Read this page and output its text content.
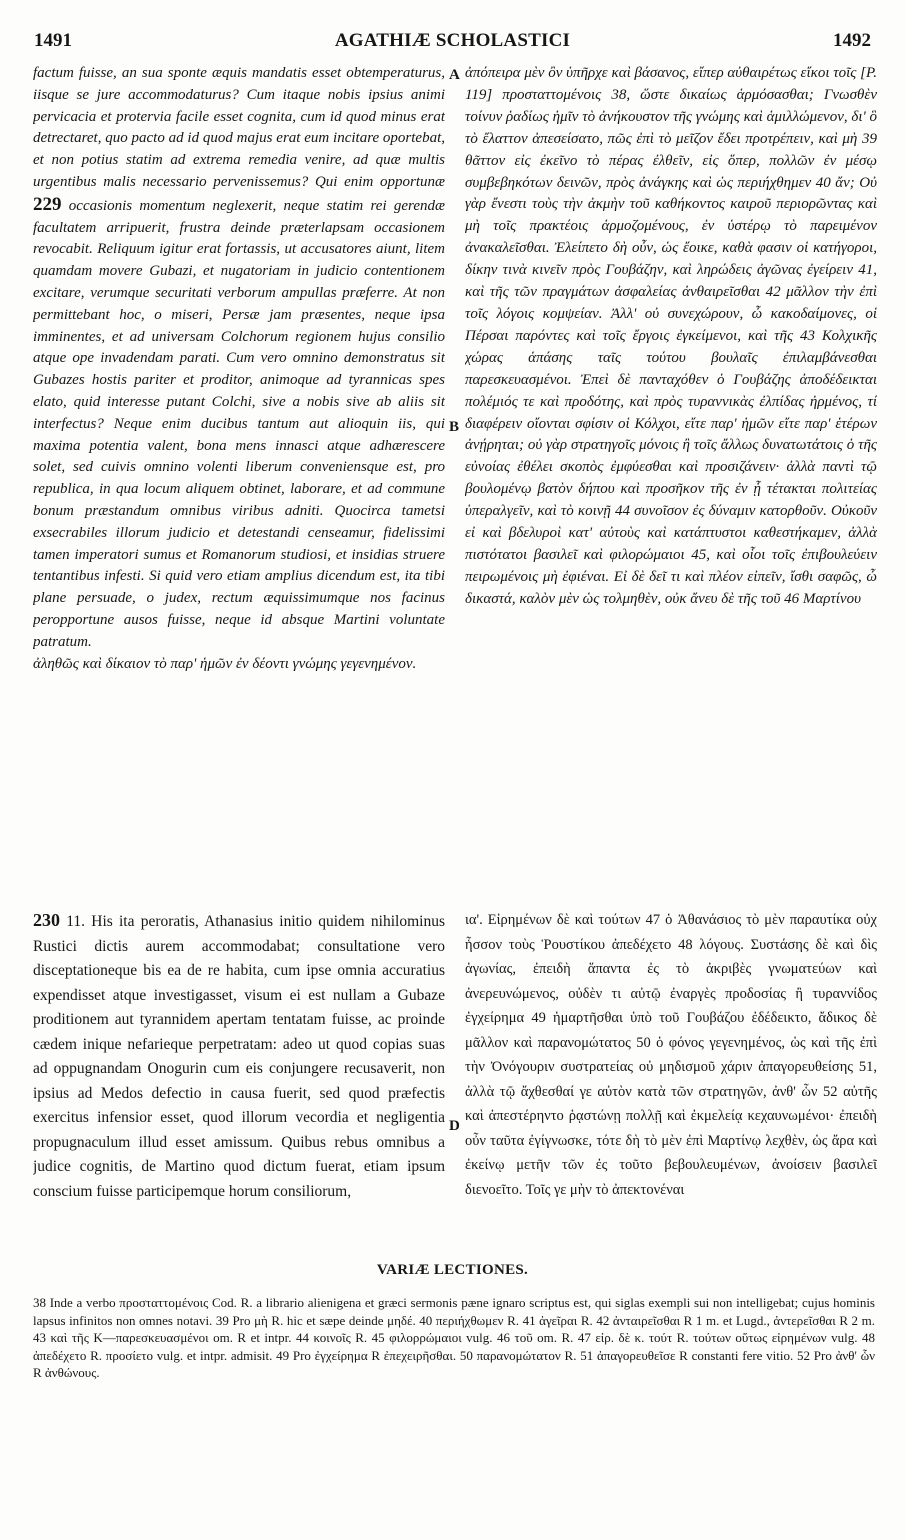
1491	AGATHIÆ SCHOLASTICI	1492

factum fuisse, an sua sponte æquis mandatis esset obtemperaturus, iisque se jure accommodaturus? Cum itaque nobis ipsius animi pervicacia et protervia facile esset cognita, cum id quod minus erat detrectaret, quo pacto ad id quod majus erat eum incitare oportebat, et non potius statim ad extrema remedia venire, ad quæ multis urgentibus malis necessario pervenissemus? Qui enim opportunæ 229 occasionis momentum neglexerit, neque statim rei gerendæ facultatem arripuerit, frustra deinde præterlapsam occasionem revocabit. Reliquum igitur erat fortassis, ut accusatores aiunt, litem quamdam movere Gubazi, et nugatoriam in judicio contentionem excitare, verumque securitati verborum ampullas præferre. At non permittebant hoc, o miseri, Persæ jam præsentes, neque ipsa imminentes, et ad universam Colchorum regionem hujus consilio atque ope invadendam parati. Cum vero omnino demonstratus sit Gubazes hostis pariter et proditor, animoque ad tyrannicas spes elato, quid interesse putant Colchi, sive a nobis sive ab aliis sit interfectus? Neque enim ducibus tantum aut alioquin iis, qui maxima potentia valent, bona mens innasci atque adhærescere solet, sed cuivis omnino volenti liberum conveniensque est, pro republica, in qua locum aliquem obtinet, laborare, et ad commune bonum præstandum omnibus viribus adniti. Quocirca tametsi exsecrabiles illorum judicio et detestandi censeamur, fidelissimi tamen imperatori sumus et Romanorum studiosi, et insidias struere tentantibus infesti. Si quid vero etiam amplius dicendum est, ita tibi plane persuade, o judex, rectum æquissimumque nos facinus peropportune ausos fuisse, neque id absque Martini voluntate patratum.

ἀληθῶς καὶ δίκαιον τὸ παρ' ἡμῶν ἐν δέοντι γνώμης γεγενημένον.

A
B
D

ἀπόπειρα μὲν ὂν ὑπῆρχε καὶ βάσανος, εἴπερ αὐθαιρέτως εἴκοι τοῖς [P. 119] προσταττομένοις 38, ὥστε δικαίως ἁρμόσασθαι; Γνωσθὲν τοίνυν ῥαδίως ἡμῖν τὸ ἀνήκουστον τῆς γνώμης καὶ ἁμιλλώμενον, δι' ὃ τὸ ἔλαττον ἀπεσείσατο, πῶς ἐπὶ τὸ μεῖζον ἔδει προτρέπειν, καὶ μὴ 39 θᾶττον εἰς ἐκεῖνο τὸ πέρας ἐλθεῖν, εἰς ὅπερ, πολλῶν ἐν μέσῳ συμβεβηκότων δεινῶν, πρὸς ἀνάγκης καὶ ὡς περιήχθημεν 40 ἄν; Οὐ γὰρ ἔνεστι τοὺς τὴν ἀκμὴν τοῦ καθήκοντος καιροῦ περιορῶντας καὶ μὴ τοῖς πρακτέοις ἁρμοζομένους, ἐν ὑστέρῳ τὸ παρειμένον ἀνακαλεῖσθαι. Ἐλείπετο δὴ οὖν, ὡς ἔοικε, καθὰ φασιν οἱ κατήγοροι, δίκην τινὰ κινεῖν πρὸς Γουβάζην, καὶ ληρώδεις ἀγῶνας ἐγείρειν 41, καὶ τῆς τῶν πραγμάτων ἀσφαλείας ἀνθαιρεῖσθαι 42 μᾶλλον τὴν ἐπὶ τοῖς λόγοις κομψείαν. Ἀλλ' οὐ συνεχώρουν, ὦ κακοδαίμονες, οἱ Πέρσαι παρόντες καὶ τοῖς ἔργοις ἐγκείμενοι, καὶ τῆς 43 Κολχικῆς χώρας ἁπάσης ταῖς τούτου βουλαῖς ἐπιλαμβάνεσθαι παρεσκευασμένοι. Ἐπεὶ δὲ πανταχόθεν ὁ Γουβάζης ἀποδέδεικται πολέμιός τε καὶ προδότης, καὶ πρὸς τυραννικὰς ἐλπίδας ἠρμένος, τί διαφέρειν οἴονται σφίσιν οἱ Κόλχοι, εἴτε παρ' ἡμῶν εἴτε παρ' ἑτέρων ἀνῄρηται; οὐ γὰρ στρατηγοῖς μόνοις ἢ τοῖς ἄλλως δυνατωτάτοις ὁ τῆς εὐνοίας ἐθέλει σκοπὸς ἐμφύεσθαι καὶ προσιζάνειν· ἀλλὰ παντὶ τῷ βουλομένῳ βατὸν δήπου καὶ προσῆκον τῆς ἐν ᾗ τέτακται πολιτείας ὑπεραλγεῖν, καὶ τὸ κοινῇ 44 συνοῖσον ἐς δύναμιν κατορθοῦν. Οὐκοῦν εἰ καὶ βδελυροὶ κατ' αὐτοὺς καὶ κατάπτυστοι καθεστήκαμεν, ἀλλὰ πιστότατοι βασιλεῖ καὶ φιλορώμαιοι 45, καὶ οἷοι τοῖς ἐπιβουλεύειν πειρωμένοις μὴ ἐφιέναι. Εἰ δὲ δεῖ τι καὶ πλέον εἰπεῖν, ἴσθι σαφῶς, ὦ δικαστά, καλὸν μὲν ὡς τολμηθὲν, οὐκ ἄνευ δὲ τῆς τοῦ 46 Μαρτίνου

230 11. His ita peroratis, Athanasius initio quidem nihilominus Rustici dictis aurem accommodabat; consultatione vero disceptationeque bis ea de re habita, cum ipse omnia accuratius expendisset atque investigasset, visum ei est nullam a Gubaze proditionem aut tyrannidem apertam tentatam fuisse, ac proinde cædem inique nefarieque perpetratam: adeo ut quod copias suas ad oppugnandam Onogurin cum eis conjungere recusaverit, non ipsius ad Medos defectio in causa fuerit, sed quod præfectis exercitus infensior esset, quod illorum vecordia et negligentia propugnaculum illud esset amissum. Quibus rebus omnibus a judice cognitis, de Martino quod dictum fuerat, etiam ipsum conscium fuisse participemque horum consiliorum,

ια'. Εἰρημένων δὲ καὶ τούτων 47 ὁ Ἀθανάσιος τὸ μὲν παραυτίκα οὐχ ἧσσον τοὺς Ῥουστίκου ἀπεδέχετο 48 λόγους. Συστάσης δὲ καὶ δὶς ἀγωνίας, ἐπειδὴ ἅπαντα ἐς τὸ ἀκριβὲς γνωματεύων καὶ ἀνερευνώμενος, οὐδὲν τι αὐτῷ ἐναργὲς προδοσίας ἢ τυραννίδος ἐγχείρημα 49 ἡμαρτῆσθαι ὑπὸ τοῦ Γουβάζου ἐδέδεικτο, ἄδικος δὲ μᾶλλον καὶ παρανομώτατος 50 ὁ φόνος γεγενημένος, ὡς καὶ τῆς ἐπὶ τὴν Ὀνόγουριν συστρατείας οὐ μηδισμοῦ χάριν ἀπαγορευθείσης 51, ἀλλὰ τῷ ἄχθεσθαί γε αὐτὸν κατὰ τῶν στρατηγῶν, ἀνθ' ὧν 52 αὐτῆς καὶ ἀπεστέρηντο ῥᾳστώνῃ πολλῇ καὶ ἐκμελείᾳ κεχαυνωμένοι· ἐπειδὴ οὖν ταῦτα ἐγίγνωσκε, τότε δὴ τὸ μὲν ἐπὶ Μαρτίνῳ λεχθὲν, ὡς ἄρα καὶ ἐκείνῳ μετῆν τῶν ἐς τοῦτο βεβουλευμένων, ἀνοίσειν βασιλεῖ διενοεῖτο. Τοῖς γε μὴν τὸ ἀπεκτονέναι

VARIÆ LECTIONES.

38 Inde a verbo προσταττομένοις Cod. R. a librario alienigena et græci sermonis pæne ignaro scriptus est, qui siglas exempli sui non intelligebat; cujus hominis lapsus infinitos non omnes notavi. 39 Pro μὴ R. hic et sæpe deinde μηδέ. 40 περιήχθωμεν R. 41 ἀγεῖραι R. 42 ἀνταιρεῖσθαι R 1 m. et Lugd., ἀντερεῖσθαι R 2 m. 43 καὶ τῆς Κ—παρεσκευασμένοι om. R et intpr. 44 κοινοῖς R. 45 φιλορρώμαιοι vulg. 46 τοῦ om. R. 47 εἰρ. δὲ κ. τούτ R. τούτων οὕτως εἰρημένων vulg. 48 ἀπεδέχετο R. προσίετο vulg. et intpr. admisit. 49 Pro ἐγχείρημα R ἐπεχειρῆσθαι. 50 παρανομώτατον R. 51 ἀπαγορευθεῖσε R constanti fere vitio. 52 Pro ἀνθ' ὧν R ἀνθώνους.
